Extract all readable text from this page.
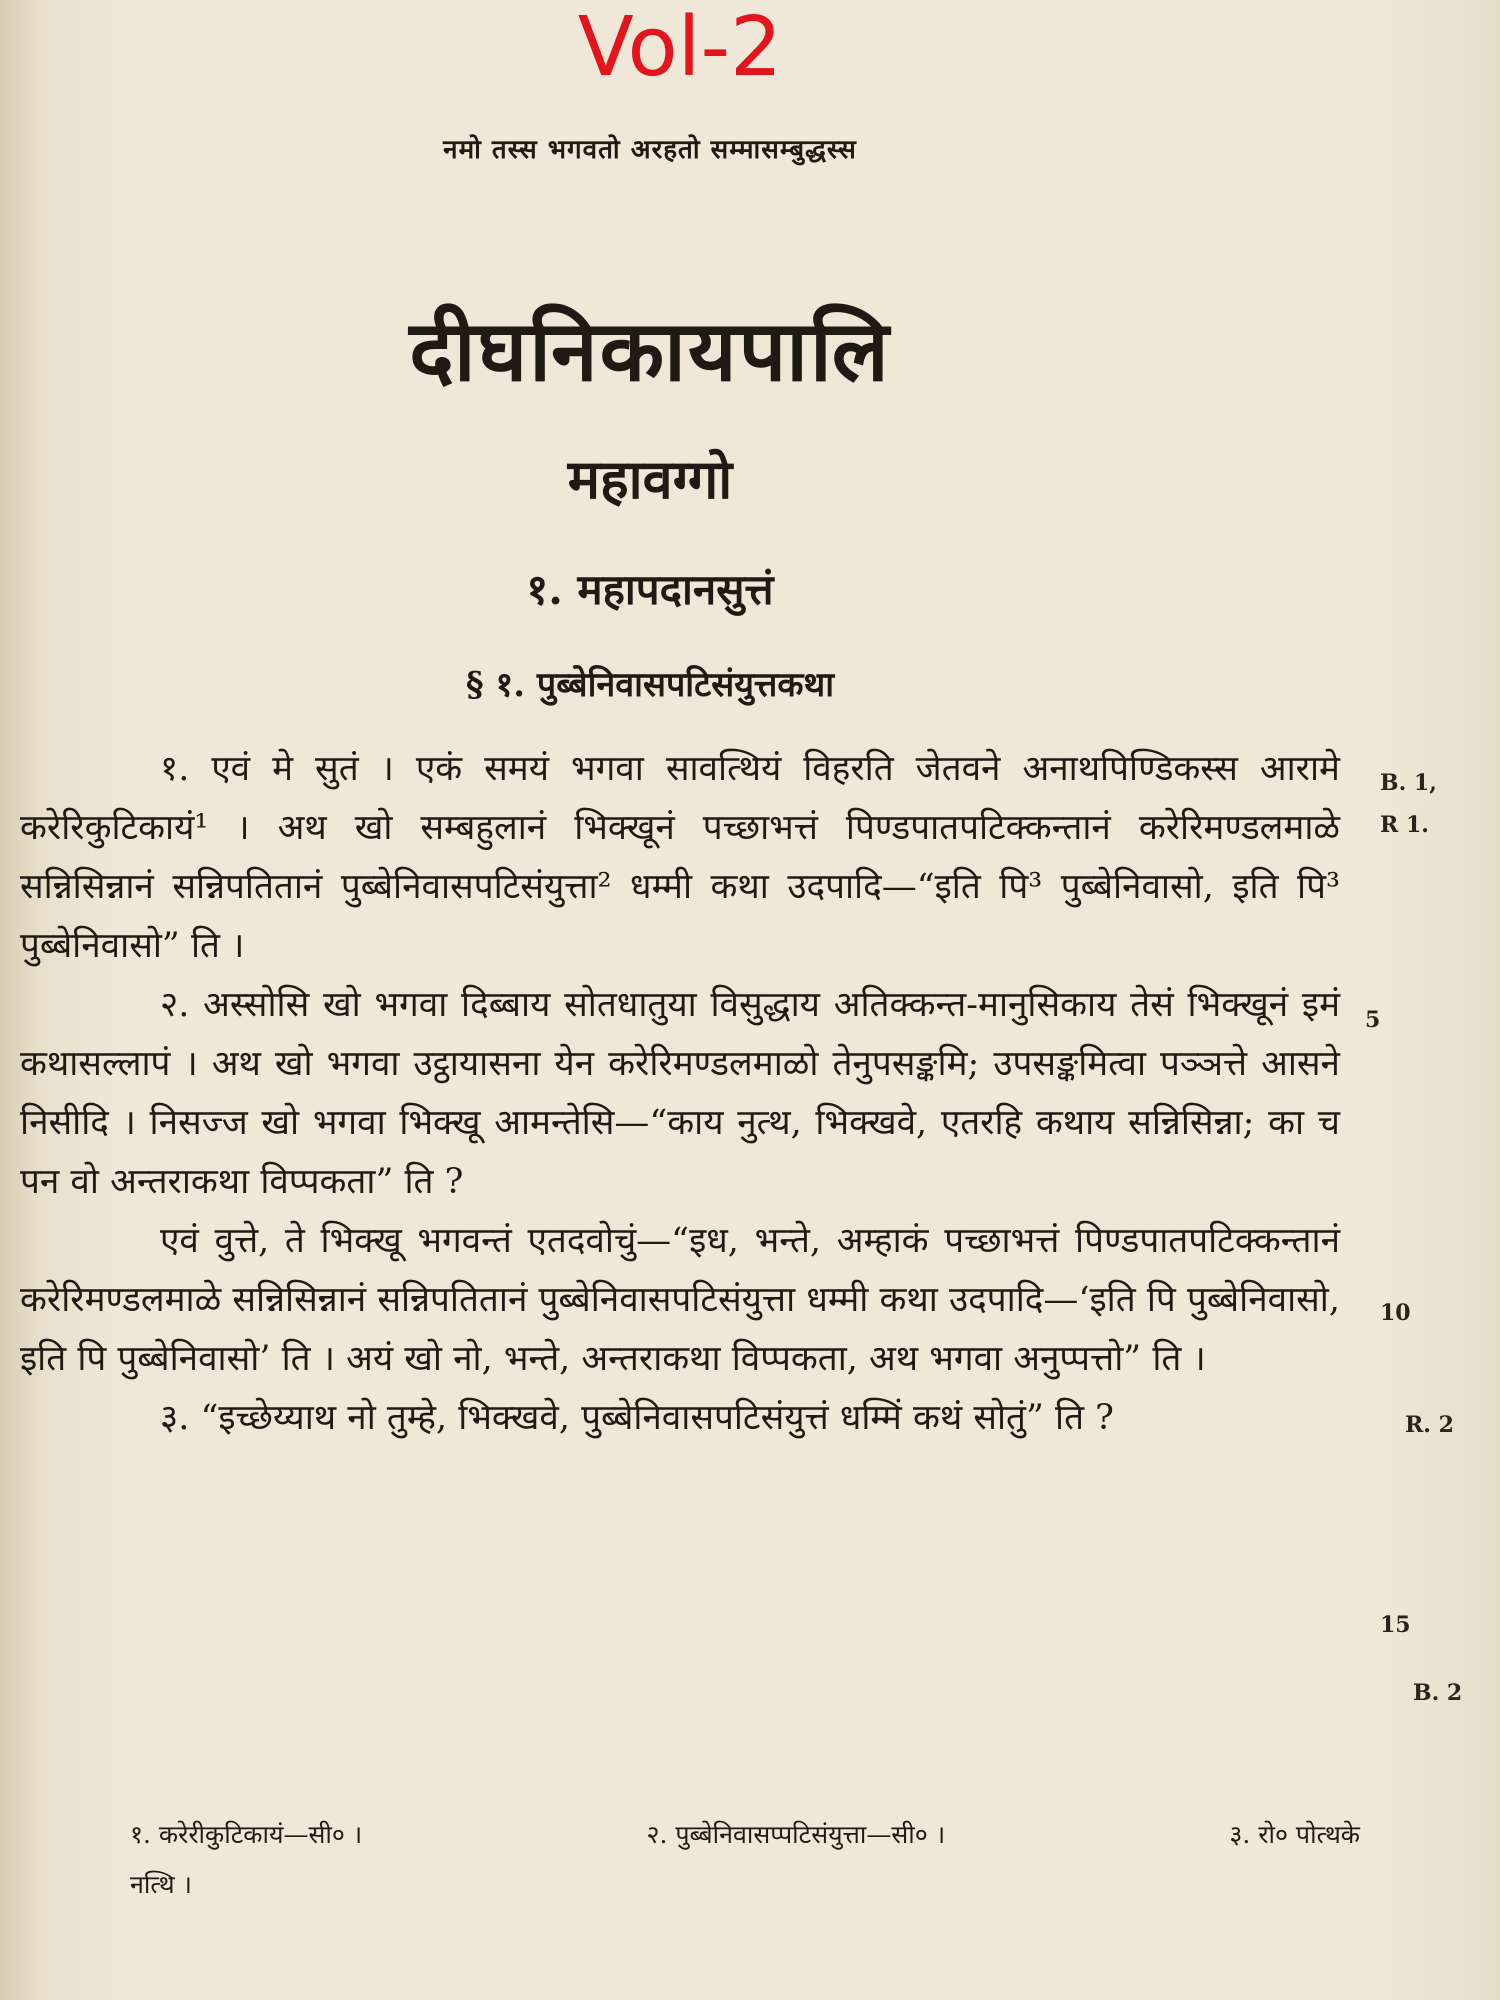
Vol-2
नमो तस्स भगवतो अरहतो सम्मासम्बुद्धस्स
दीघनिकायपालि
महावग्गो
१. महापदानसुत्तं
§ १. पुब्बेनिवासपटिसंयुत्तकथा

१. एवं मे सुतं । एकं समयं भगवा सावत्थियं विहरति जेतवने अनाथपिण्डिकस्स आरामे करेरिकुटिकायं¹ । अथ खो सम्बहुलानं भिक्खूनं पच्छाभत्तं पिण्डपातपटिक्कन्तानं करेरिमण्डलमाळे सन्निसिन्नानं सन्निपतितानं पुब्बेनिवासपटिसंयुत्ता² धम्मी कथा उदपादि—“इति पि³ पुब्बेनिवासो, इति पि³ पुब्बेनिवासो” ति ।

२. अस्सोसि खो भगवा दिब्बाय सोतधातुया विसुद्धाय अतिक्कन्त-मानुसिकाय तेसं भिक्खूनं इमं कथासल्लापं । अथ खो भगवा उट्ठायासना येन करेरिमण्डलमाळो तेनुपसङ्कमि; उपसङ्कमित्वा पञ्ञत्ते आसने निसीदि । निसज्ज खो भगवा भिक्खू आमन्तेसि—“काय नुत्थ, भिक्खवे, एतरहि कथाय सन्निसिन्ना; का च पन वो अन्तराकथा विप्पकता” ति ?

एवं वुत्ते, ते भिक्खू भगवन्तं एतदवोचुं—“इध, भन्ते, अम्हाकं पच्छाभत्तं पिण्डपातपटिक्कन्तानं करेरिमण्डलमाळे सन्निसिन्नानं सन्निपतितानं पुब्बेनिवासपटिसंयुत्ता धम्मी कथा उदपादि—‘इति पि पुब्बेनिवासो, इति पि पुब्बेनिवासो’ ति । अयं खो नो, भन्ते, अन्तराकथा विप्पकता, अथ भगवा अनुप्पत्तो” ति ।

३. “इच्छेय्याथ नो तुम्हे, भिक्खवे, पुब्बेनिवासपटिसंयुत्तं धम्मिं कथं सोतुं” ति ?

B. 1,
R 1.
5
10
R. 2
15
B. 2
१. करेरीकुटिकायं—सी० ।	२. पुब्बेनिवासप्पटिसंयुत्ता—सी० ।	३. रो० पोत्थके
नत्थि ।
